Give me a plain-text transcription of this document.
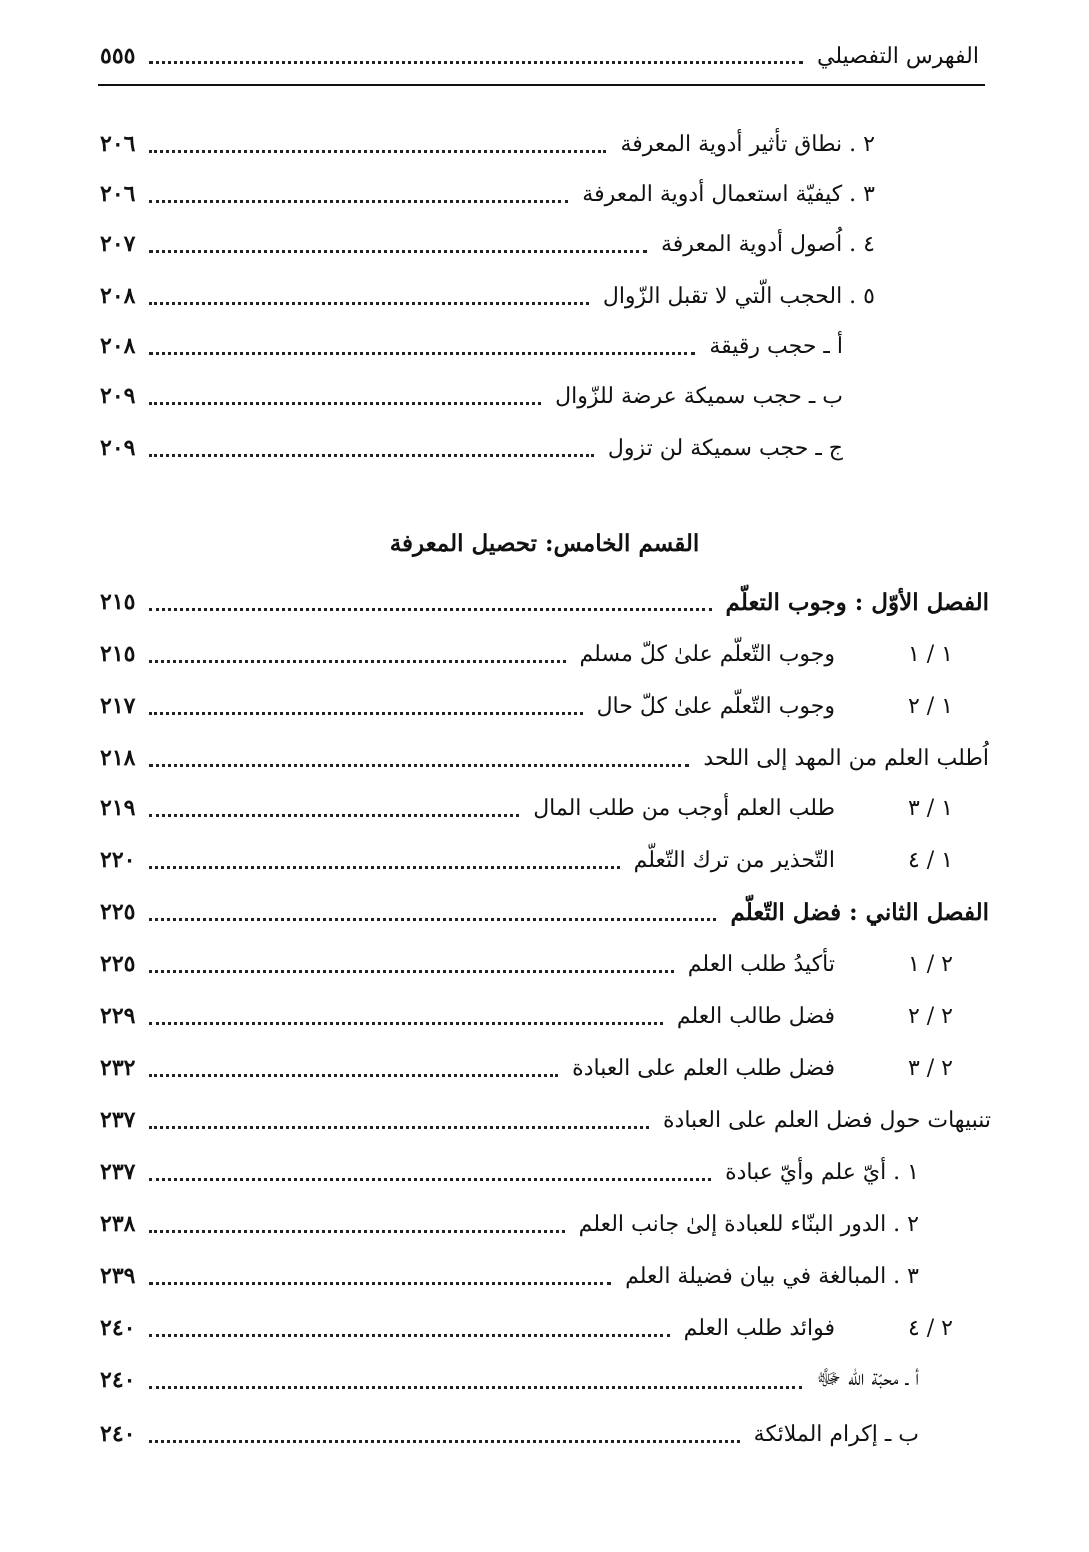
الفهرس التفصيلي
٥٥٥
٢ . نطاق تأثير أدوية المعرفة
٢٠٦
٣ . كيفيّة استعمال أدوية المعرفة
٢٠٦
٤ . اُصول أدوية المعرفة
٢٠٧
٥ . الحجب الّتي لا تقبل الزّوال
٢٠٨
أ ـ حجب رقيقة
٢٠٨
ب ـ حجب سميكة عرضة للزّوال
٢٠٩
ج ـ حجب سميكة لن تزول
٢٠٩
القسم الخامس: تحصيل المعرفة
الفصل الأوّل : وجوب التعلّم
٢١٥
١ / ١
وجوب التّعلّم علىٰ كلّ مسلم
٢١٥
١ / ٢
وجوب التّعلّم علىٰ كلّ حال
٢١٧
اُطلب العلم من المهد إلى اللحد
٢١٨
١ / ٣
طلب العلم أوجب من طلب المال
٢١٩
١ / ٤
التّحذير من ترك التّعلّم
٢٢٠
الفصل الثاني : فضل التّعلّم
٢٢٥
٢ / ١
تأكيدُ طلب العلم
٢٢٥
٢ / ٢
فضل طالب العلم
٢٢٩
٢ / ٣
فضل طلب العلم على العبادة
٢٣٢
تنبيهات حول فضل العلم على العبادة
٢٣٧
١ . أيّ علم وأيّ عبادة
٢٣٧
٢ . الدور البنّاء للعبادة إلىٰ جانب العلم
٢٣٨
٣ . المبالغة في بيان فضيلة العلم
٢٣٩
٢ / ٤
فوائد طلب العلم
٢٤٠
أ ـ محبّة الله ﷻ
٢٤٠
ب ـ إكرام الملائكة
٢٤٠
